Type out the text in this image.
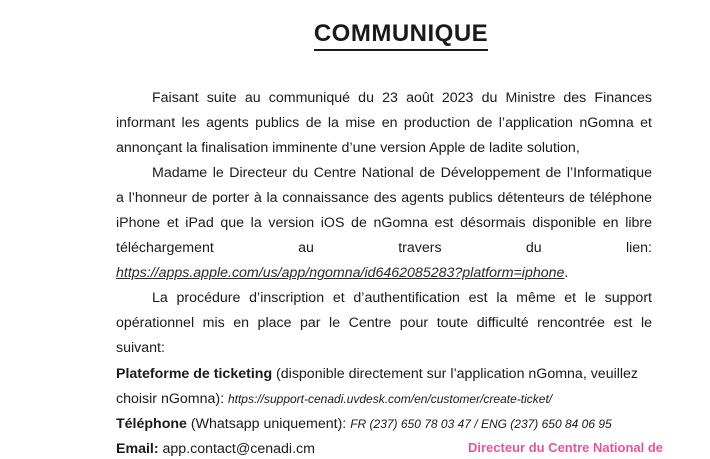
COMMUNIQUE
Faisant suite au communiqué du 23 août 2023 du Ministre des Finances
informant les agents publics de la mise en production de l’application nGomna et
annonçant la finalisation imminente d’une version Apple de ladite solution,
Madame le Directeur du Centre National de Développement de l’Informatique
a l’honneur de porter à la connaissance des agents publics détenteurs de téléphone
iPhone et iPad que la version iOS de nGomna est désormais disponible en libre
téléchargement	au	travers	du	lien:
https://apps.apple.com/us/app/ngomna/id6462085283?platform=iphone.
La procédure d’inscription et d’authentification est la même et le support
opérationnel mis en place par le Centre pour toute difficulté rencontrée est le
suivant:
Plateforme de ticketing (disponible directement sur l’application nGomna, veuillez
choisir nGomna): https://support-cenadi.uvdesk.com/en/customer/create-ticket/
Téléphone (Whatsapp uniquement): FR (237) 650 78 03 47 / ENG (237) 650 84 06 95
Email: app.contact@cenadi.cm	Directeur du Centre National de
